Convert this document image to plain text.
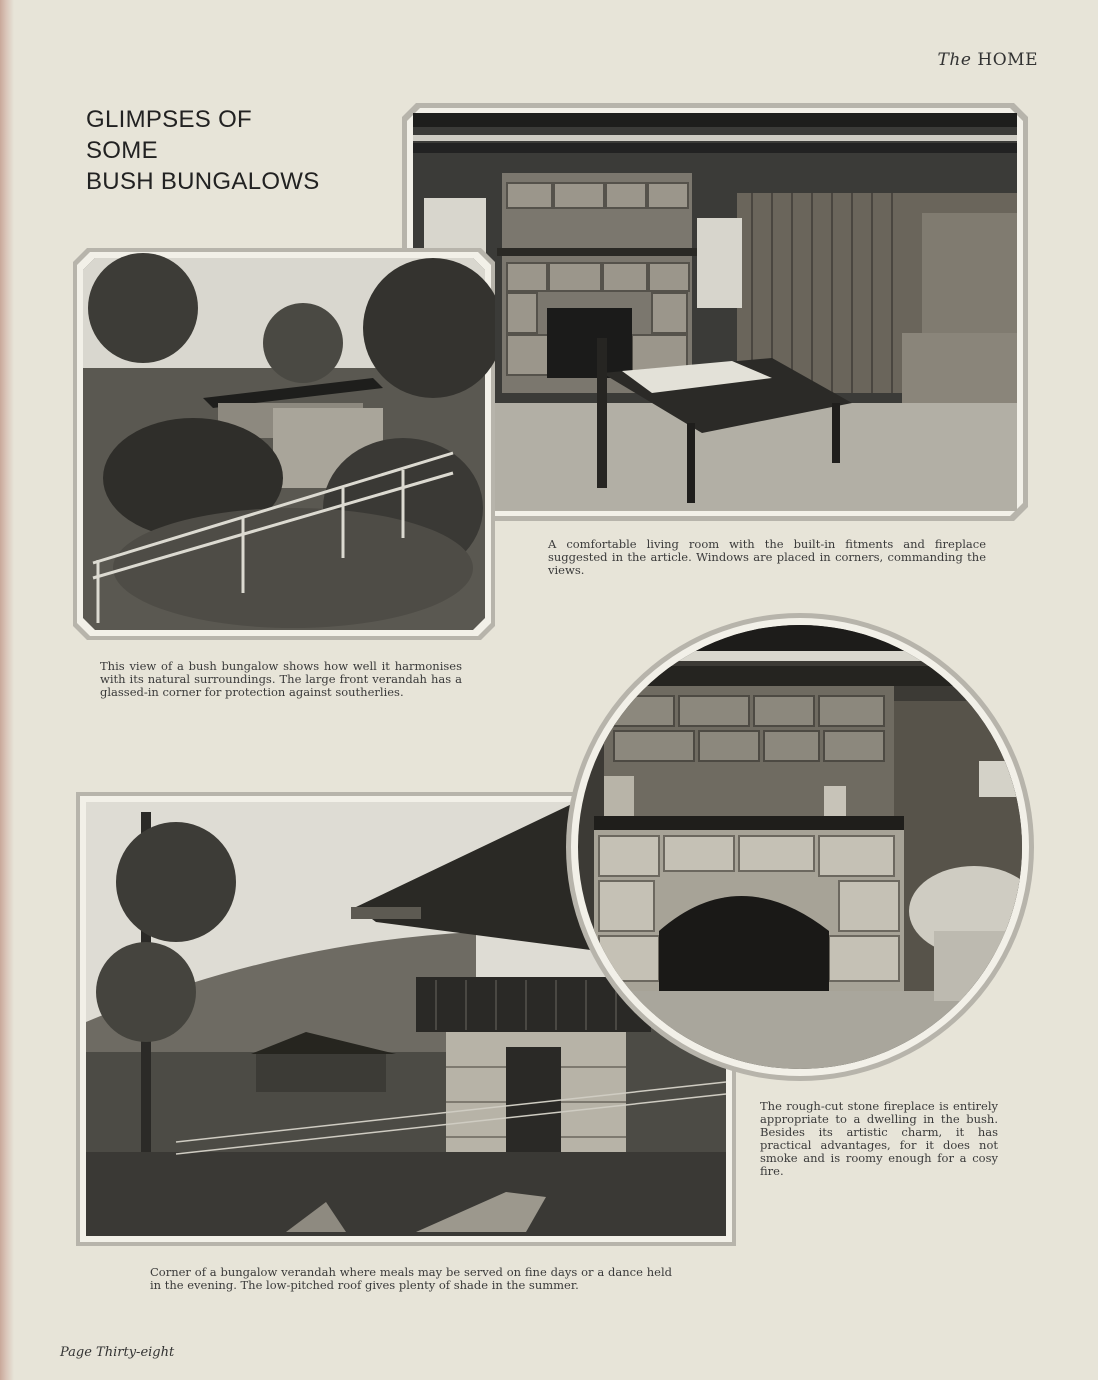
The HOME
GLIMPSES OF
SOME
BUSH BUNGALOWS
A comfortable living room with the built-in fitments and fireplace suggested in the article. Windows are placed in corners, commanding the views.
This view of a bush bungalow shows how well it harmonises with its natural surroundings. The large front verandah has a glassed-in corner for protection against southerlies.
The rough-cut stone fireplace is entirely appropriate to a dwelling in the bush. Besides its artistic charm, it has practical advantages, for it does not smoke and is roomy enough for a cosy fire.
Corner of a bungalow verandah where meals may be served on fine days or a dance held in the evening. The low-pitched roof gives plenty of shade in the summer.
Page Thirty-eight
